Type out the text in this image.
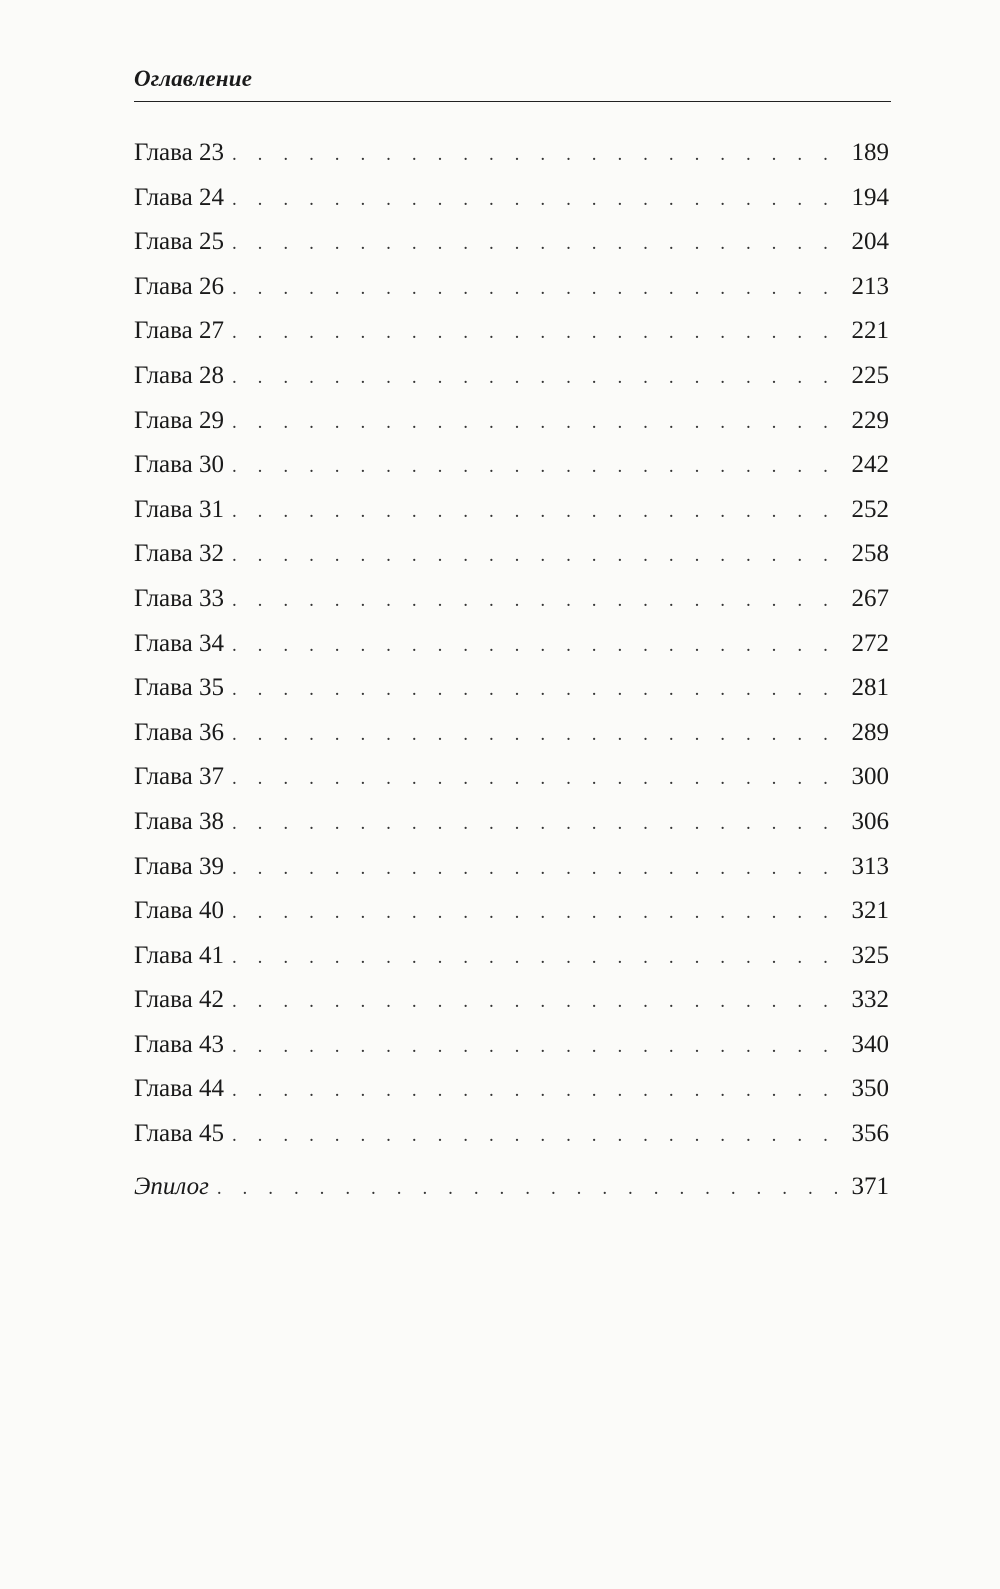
Оглавление
Глава 23 . . .	189
Глава 24 . . .	194
Глава 25 . . .	204
Глава 26 . . .	213
Глава 27 . . .	221
Глава 28 . . .	225
Глава 29 . . .	229
Глава 30 . . .	242
Глава 31 . . .	252
Глава 32 . . .	258
Глава 33 . . .	267
Глава 34 . . .	272
Глава 35 . . .	281
Глава 36 . . .	289
Глава 37 . . .	300
Глава 38 . . .	306
Глава 39 . . .	313
Глава 40 . . .	321
Глава 41 . . .	325
Глава 42 . . .	332
Глава 43 . . .	340
Глава 44 . . .	350
Глава 45 . . .	356
Эпилог . . .	371
